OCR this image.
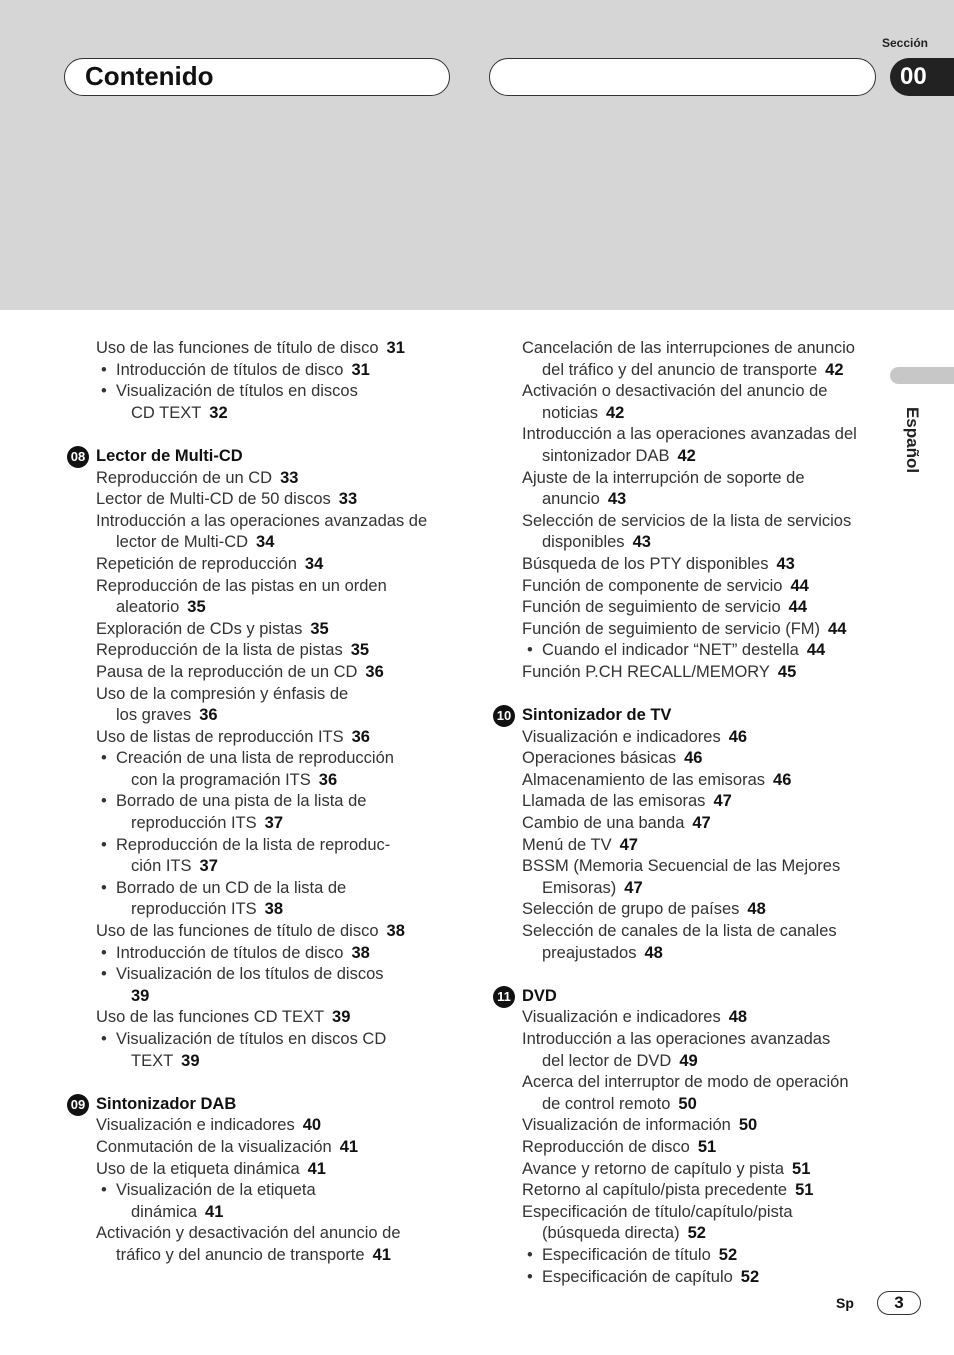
Sección
Contenido	00
Español
Uso de las funciones de título de disco 31
• Introducción de títulos de disco 31
• Visualización de títulos en discos
CD TEXT 32
08 Lector de Multi-CD
Reproducción de un CD 33
Lector de Multi-CD de 50 discos 33
Introducción a las operaciones avanzadas de
lector de Multi-CD 34
Repetición de reproducción 34
Reproducción de las pistas en un orden
aleatorio 35
Exploración de CDs y pistas 35
Reproducción de la lista de pistas 35
Pausa de la reproducción de un CD 36
Uso de la compresión y énfasis de
los graves 36
Uso de listas de reproducción ITS 36
• Creación de una lista de reproducción
con la programación ITS 36
• Borrado de una pista de la lista de
reproducción ITS 37
• Reproducción de la lista de reproduc-
ción ITS 37
• Borrado de un CD de la lista de
reproducción ITS 38
Uso de las funciones de título de disco 38
• Introducción de títulos de disco 38
• Visualización de los títulos de discos
39
Uso de las funciones CD TEXT 39
• Visualización de títulos en discos CD
TEXT 39
09 Sintonizador DAB
Visualización e indicadores 40
Conmutación de la visualización 41
Uso de la etiqueta dinámica 41
• Visualización de la etiqueta
dinámica 41
Activación y desactivación del anuncio de
tráfico y del anuncio de transporte 41
Cancelación de las interrupciones de anuncio
del tráfico y del anuncio de transporte 42
Activación o desactivación del anuncio de
noticias 42
Introducción a las operaciones avanzadas del
sintonizador DAB 42
Ajuste de la interrupción de soporte de
anuncio 43
Selección de servicios de la lista de servicios
disponibles 43
Búsqueda de los PTY disponibles 43
Función de componente de servicio 44
Función de seguimiento de servicio 44
Función de seguimiento de servicio (FM) 44
• Cuando el indicador “NET” destella 44
Función P.CH RECALL/MEMORY 45
10 Sintonizador de TV
Visualización e indicadores 46
Operaciones básicas 46
Almacenamiento de las emisoras 46
Llamada de las emisoras 47
Cambio de una banda 47
Menú de TV 47
BSSM (Memoria Secuencial de las Mejores
Emisoras) 47
Selección de grupo de países 48
Selección de canales de la lista de canales
preajustados 48
11 DVD
Visualización e indicadores 48
Introducción a las operaciones avanzadas
del lector de DVD 49
Acerca del interruptor de modo de operación
de control remoto 50
Visualización de información 50
Reproducción de disco 51
Avance y retorno de capítulo y pista 51
Retorno al capítulo/pista precedente 51
Especificación de título/capítulo/pista
(búsqueda directa) 52
• Especificación de título 52
• Especificación de capítulo 52
Sp	3
